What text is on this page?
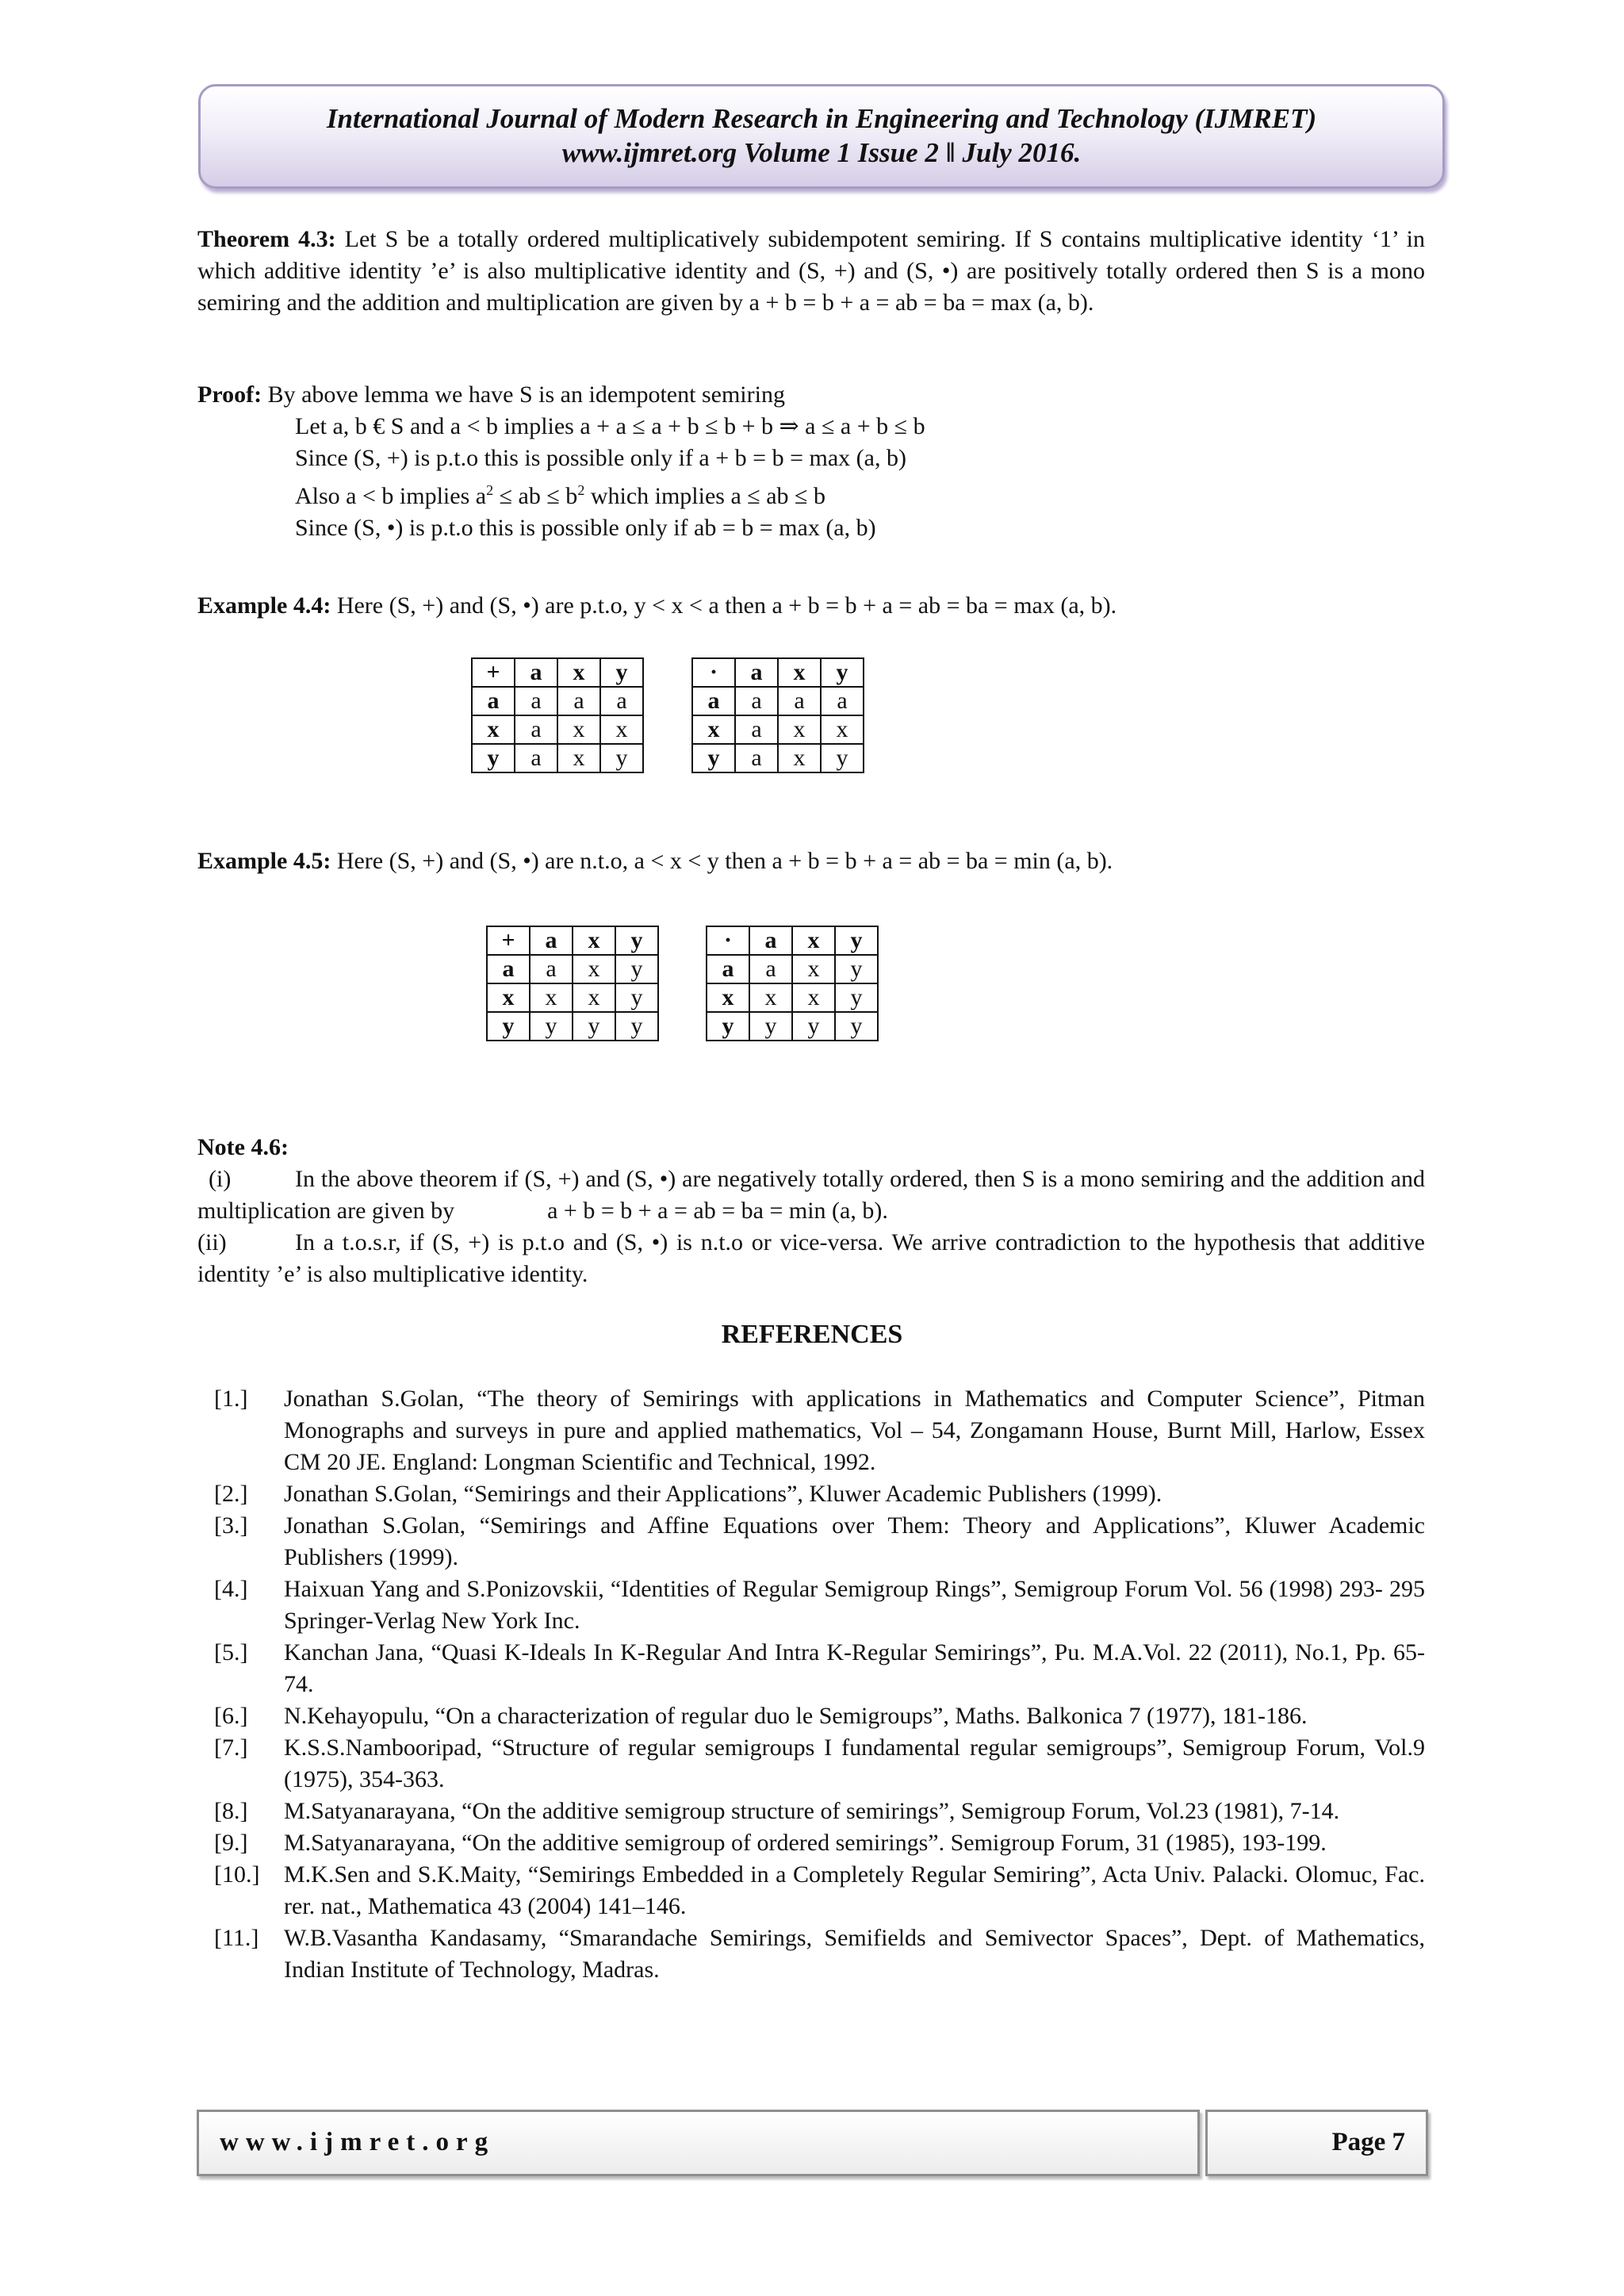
International Journal of Modern Research in Engineering and Technology (IJMRET)
www.ijmret.org Volume 1 Issue 2 ǁ July 2016.

Theorem 4.3: Let S be a totally ordered multiplicatively subidempotent semiring. If S contains multiplicative identity ‘1’ in which additive identity ’e’ is also multiplicative identity and (S, +) and (S, •) are positively totally ordered then S is a mono semiring and the addition and multiplication are given by a + b = b + a = ab = ba = max (a, b).

Proof: By above lemma we have S is an idempotent semiring

Let a, b € S and a < b implies a + a ≤ a + b ≤ b + b ⇒ a ≤ a + b ≤ b

Since (S, +) is p.t.o this is possible only if a + b = b = max (a, b)

Also a < b implies $a^2$ ≤ ab ≤ $b^2$ which implies a ≤ ab ≤ b

Since (S, •) is p.t.o this is possible only if ab = b = max (a, b)

Example 4.4: Here (S, +) and (S, •) are p.t.o, y < x < a then a + b = b + a = ab = ba = max (a, b).

+	a	x	y
a	a	a	a
x	a	x	x
y	a	x	y
·	a	x	y
a	a	a	a
x	a	x	x
y	a	x	y

Example 4.5: Here (S, +) and (S, •) are n.t.o, a < x < y then a + b = b + a = ab = ba = min (a, b).

+	a	x	y
a	a	x	y
x	x	x	y
y	y	y	y
·	a	x	y
a	a	x	y
x	x	x	y
y	y	y	y

Note 4.6:

(i)	In the above theorem if (S, +) and (S, •) are negatively totally ordered, then S is a mono semiring and the addition and multiplication are given by	a + b = b + a = ab = ba = min (a, b).

(ii)	In a t.o.s.r, if (S, +) is p.t.o and (S, •) is n.t.o or vice-versa. We arrive contradiction to the hypothesis that additive identity ’e’ is also multiplicative identity.

REFERENCES
[1.]	Jonathan S.Golan, “The theory of Semirings with applications in Mathematics and Computer Science”, Pitman Monographs and surveys in pure and applied mathematics, Vol – 54, Zongamann House, Burnt Mill, Harlow, Essex CM 20 JE. England: Longman Scientific and Technical, 1992.
[2.]	Jonathan S.Golan, “Semirings and their Applications”, Kluwer Academic Publishers (1999).
[3.]	Jonathan S.Golan, “Semirings and Affine Equations over Them: Theory and Applications”, Kluwer Academic Publishers (1999).
[4.]	Haixuan Yang and S.Ponizovskii, “Identities of Regular Semigroup Rings”, Semigroup Forum Vol. 56 (1998) 293- 295 Springer-Verlag New York Inc.
[5.]	Kanchan Jana, “Quasi K-Ideals In K-Regular And Intra K-Regular Semirings”, Pu. M.A.Vol. 22 (2011), No.1, Pp. 65-74.
[6.]	N.Kehayopulu, “On a characterization of regular duo le Semigroups”, Maths. Balkonica 7 (1977), 181-186.
[7.]	K.S.S.Nambooripad, “Structure of regular semigroups I fundamental regular semigroups”, Semigroup Forum, Vol.9 (1975), 354-363.
[8.]	M.Satyanarayana, “On the additive semigroup structure of semirings”, Semigroup Forum, Vol.23 (1981), 7-14.
[9.]	M.Satyanarayana, “On the additive semigroup of ordered semirings”. Semigroup Forum, 31 (1985), 193-199.
[10.]	M.K.Sen and S.K.Maity, “Semirings Embedded in a Completely Regular Semiring”, Acta Univ. Palacki. Olomuc, Fac. rer. nat., Mathematica 43 (2004) 141–146.
[11.]	W.B.Vasantha Kandasamy, “Smarandache Semirings, Semifields and Semivector Spaces”, Dept. of Mathematics, Indian Institute of Technology, Madras.
www.ijmret.org	Page 7
